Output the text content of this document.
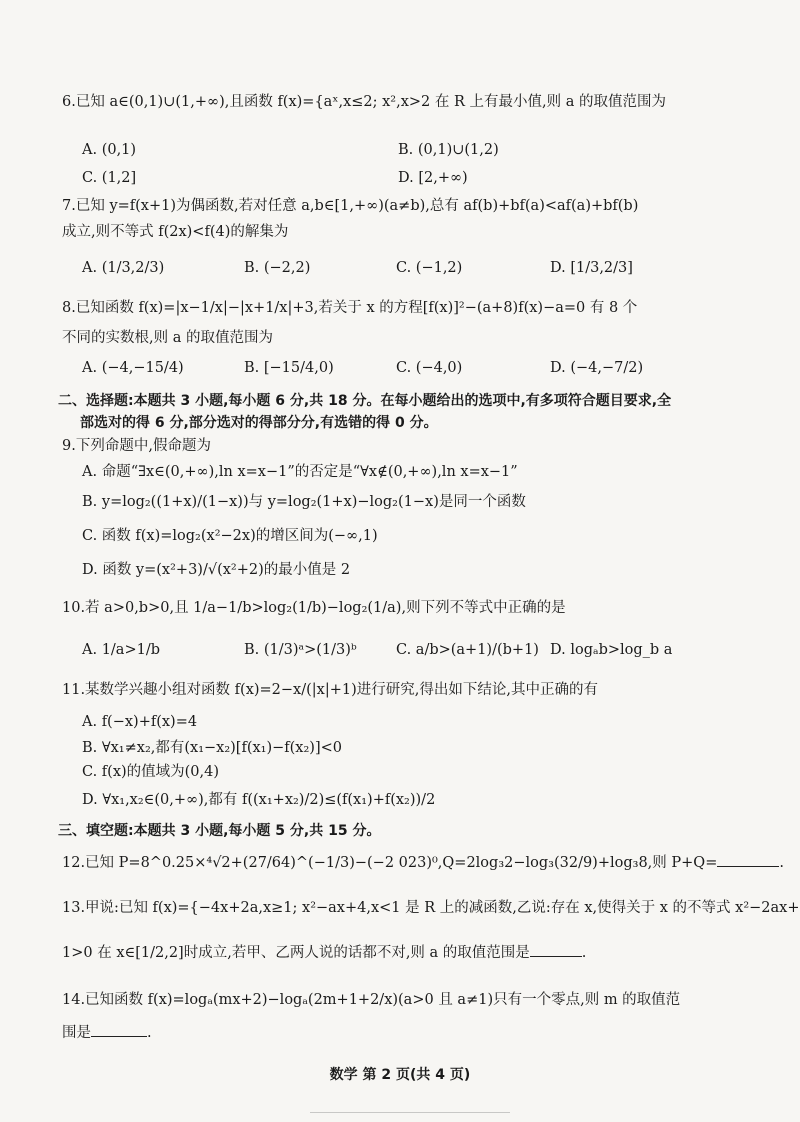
6.已知 a∈(0,1)∪(1,+∞),且函数 f(x)={aˣ,x≤2; x²,x>2 在 R 上有最小值,则 a 的取值范围为
A. (0,1)	B. (0,1)∪(1,2)
C. (1,2]	D. [2,+∞)
7.已知 y=f(x+1)为偶函数,若对任意 a,b∈[1,+∞)(a≠b),总有 af(b)+bf(a)<af(a)+bf(b)
成立,则不等式 f(2x)<f(4)的解集为
A. (1/3,2/3)	B. (−2,2)	C. (−1,2)	D. [1/3,2/3]
8.已知函数 f(x)=|x−1/x|−|x+1/x|+3,若关于 x 的方程[f(x)]²−(a+8)f(x)−a=0 有 8 个
不同的实数根,则 a 的取值范围为
A. (−4,−15/4)	B. [−15/4,0)	C. (−4,0)	D. (−4,−7/2)
二、选择题:本题共 3 小题,每小题 6 分,共 18 分。在每小题给出的选项中,有多项符合题目要求,全
部选对的得 6 分,部分选对的得部分分,有选错的得 0 分。
9.下列命题中,假命题为
A. 命题“∃x∈(0,+∞),ln x=x−1”的否定是“∀x∉(0,+∞),ln x=x−1”
B. y=log₂((1+x)/(1−x))与 y=log₂(1+x)−log₂(1−x)是同一个函数
C. 函数 f(x)=log₂(x²−2x)的增区间为(−∞,1)
D. 函数 y=(x²+3)/√(x²+2)的最小值是 2
10.若 a>0,b>0,且 1/a−1/b>log₂(1/b)−log₂(1/a),则下列不等式中正确的是
A. 1/a>1/b	B. (1/3)ᵃ>(1/3)ᵇ	C. a/b>(a+1)/(b+1) D. logₐb>log_b a
11.某数学兴趣小组对函数 f(x)=2−x/(|x|+1)进行研究,得出如下结论,其中正确的有
A. f(−x)+f(x)=4
B. ∀x₁≠x₂,都有(x₁−x₂)[f(x₁)−f(x₂)]<0
C. f(x)的值域为(0,4)
D. ∀x₁,x₂∈(0,+∞),都有 f((x₁+x₂)/2)≤(f(x₁)+f(x₂))/2
三、填空题:本题共 3 小题,每小题 5 分,共 15 分。
12.已知 P=8^0.25×⁴√2+(27/64)^(−1/3)−(−2 023)⁰,Q=2log₃2−log₃(32/9)+log₃8,则 P+Q=	.
13.甲说:已知 f(x)={−4x+2a,x≥1; x²−ax+4,x<1 是 R 上的减函数,乙说:存在 x,使得关于 x 的不等式 x²−2ax+
1>0 在 x∈[1/2,2]时成立,若甲、乙两人说的话都不对,则 a 的取值范围是	.
14.已知函数 f(x)=logₐ(mx+2)−logₐ(2m+1+2/x)(a>0 且 a≠1)只有一个零点,则 m 的取值范
围是	.
数学 第 2 页(共 4 页)
